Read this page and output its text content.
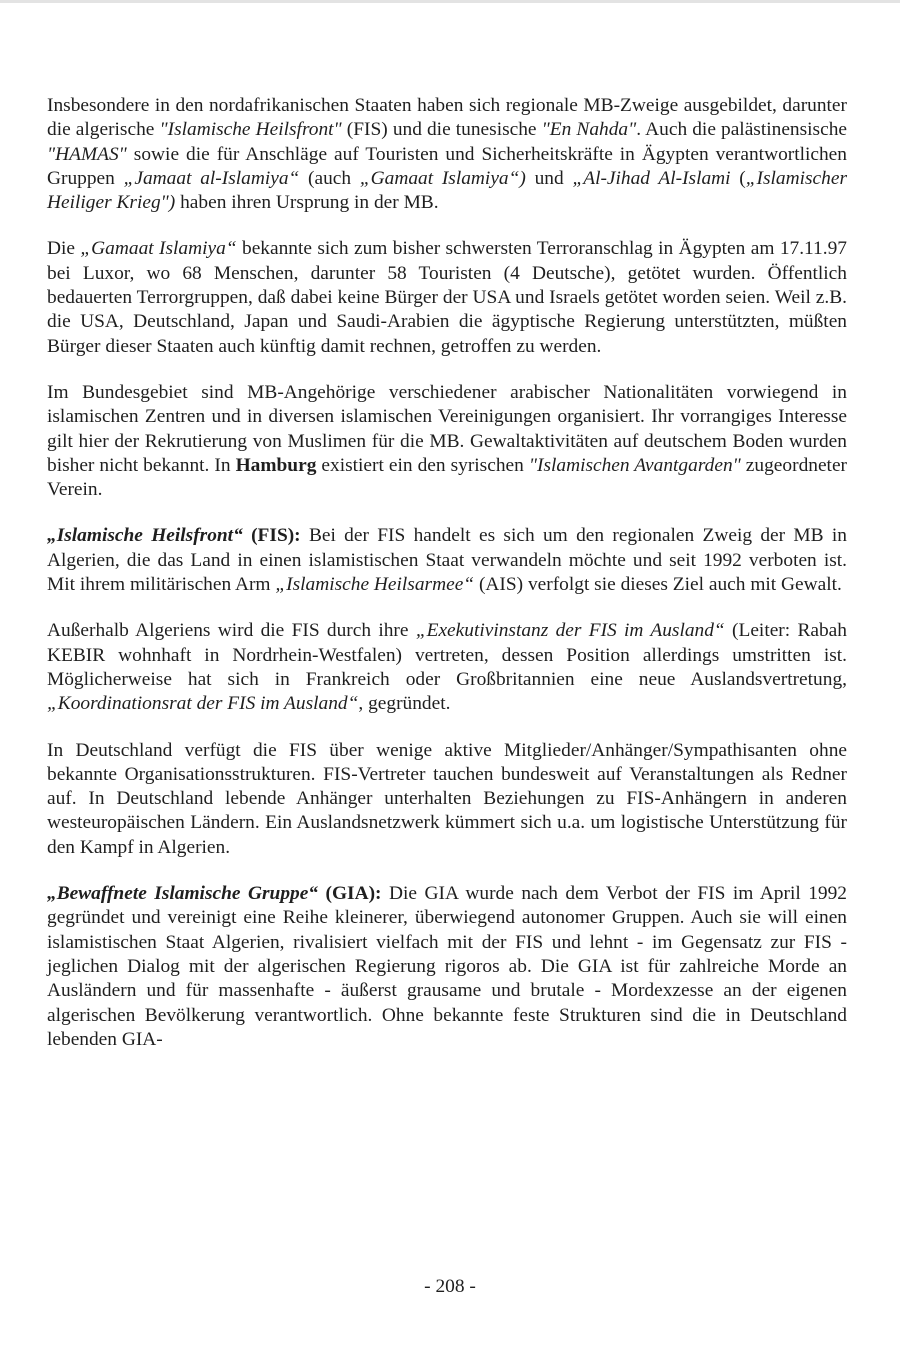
Insbesondere in den nordafrikanischen Staaten haben sich regionale MB-Zweige ausgebildet, darunter die algerische "Islamische Heilsfront" (FIS) und die tunesische "En Nahda". Auch die palästinensische "HAMAS" sowie die für Anschläge auf Touristen und Sicherheitskräfte in Ägypten verantwortlichen Gruppen „Jamaat al-Islamiya“ (auch „Gamaat Islamiya“) und „Al-Jihad Al-Islami („Islamischer Heiliger Krieg") haben ihren Ursprung in der MB.

Die „Gamaat Islamiya“ bekannte sich zum bisher schwersten Terroranschlag in Ägypten am 17.11.97 bei Luxor, wo 68 Menschen, darunter 58 Touristen (4 Deutsche), getötet wurden. Öffentlich bedauerten Terrorgruppen, daß dabei keine Bürger der USA und Israels getötet worden seien. Weil z.B. die USA, Deutschland, Japan und Saudi-Arabien die ägyptische Regierung unterstützten, müßten Bürger dieser Staaten auch künftig damit rechnen, getroffen zu werden.

Im Bundesgebiet sind MB-Angehörige verschiedener arabischer Nationalitäten vorwiegend in islamischen Zentren und in diversen islamischen Vereinigungen organisiert. Ihr vorrangiges Interesse gilt hier der Rekrutierung von Muslimen für die MB. Gewaltaktivitäten auf deutschem Boden wurden bisher nicht bekannt. In Hamburg existiert ein den syrischen "Islamischen Avantgarden" zugeordneter Verein.

„Islamische Heilsfront“ (FIS): Bei der FIS handelt es sich um den regionalen Zweig der MB in Algerien, die das Land in einen islamistischen Staat verwandeln möchte und seit 1992 verboten ist. Mit ihrem militärischen Arm „Islamische Heilsarmee“ (AIS) verfolgt sie dieses Ziel auch mit Gewalt.

Außerhalb Algeriens wird die FIS durch ihre „Exekutivinstanz der FIS im Ausland“ (Leiter: Rabah KEBIR wohnhaft in Nordrhein-Westfalen) vertreten, dessen Position allerdings umstritten ist. Möglicherweise hat sich in Frankreich oder Großbritannien eine neue Auslandsvertretung, „Koordinationsrat der FIS im Ausland“, gegründet.

In Deutschland verfügt die FIS über wenige aktive Mitglieder/Anhänger/Sympathisanten ohne bekannte Organisationsstrukturen. FIS-Vertreter tauchen bundesweit auf Veranstaltungen als Redner auf. In Deutschland lebende Anhänger unterhalten Beziehungen zu FIS-Anhängern in anderen westeuropäischen Ländern. Ein Auslandsnetzwerk kümmert sich u.a. um logistische Unterstützung für den Kampf in Algerien.

„Bewaffnete Islamische Gruppe“ (GIA): Die GIA wurde nach dem Verbot der FIS im April 1992 gegründet und vereinigt eine Reihe kleinerer, überwiegend autonomer Gruppen. Auch sie will einen islamistischen Staat Algerien, rivalisiert vielfach mit der FIS und lehnt - im Gegensatz zur FIS - jeglichen Dialog mit der algerischen Regierung rigoros ab. Die GIA ist für zahlreiche Morde an Ausländern und für massenhafte - äußerst grausame und brutale - Mordexzesse an der eigenen algerischen Bevölkerung verantwortlich. Ohne bekannte feste Strukturen sind die in Deutschland lebenden GIA-

- 208 -
